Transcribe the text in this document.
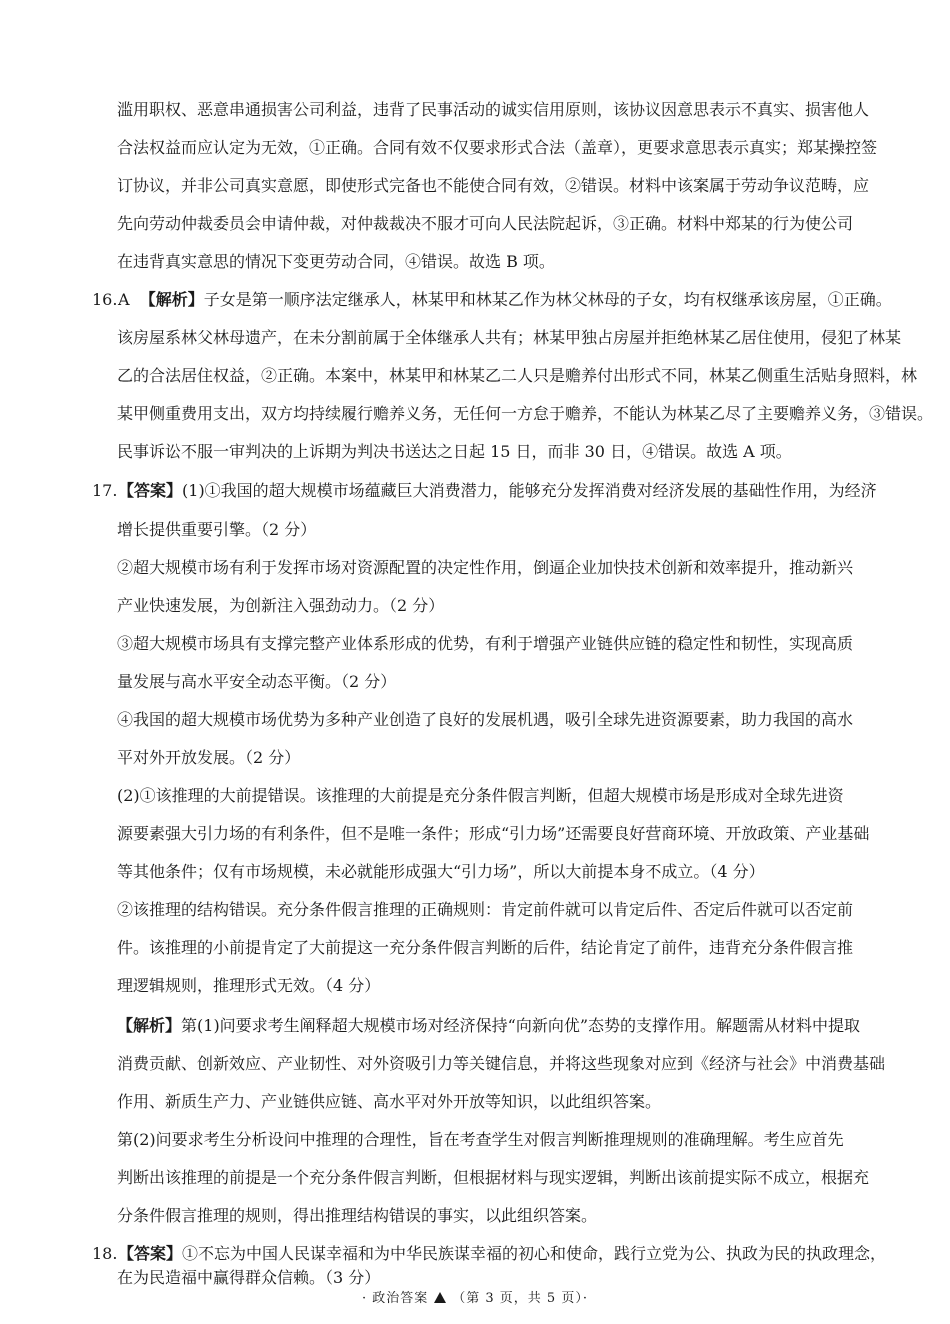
滥用职权、恶意串通损害公司利益，违背了民事活动的诚实信用原则，该协议因意思表示不真实、损害他人
合法权益而应认定为无效，①正确。合同有效不仅要求形式合法（盖章），更要求意思表示真实；郑某操控签
订协议，并非公司真实意愿，即使形式完备也不能使合同有效，②错误。材料中该案属于劳动争议范畴，应
先向劳动仲裁委员会申请仲裁，对仲裁裁决不服才可向人民法院起诉，③正确。材料中郑某的行为使公司
在违背真实意思的情况下变更劳动合同，④错误。故选 B 项。
16.A 【解析】子女是第一顺序法定继承人，林某甲和林某乙作为林父林母的子女，均有权继承该房屋，①正确。
该房屋系林父林母遗产，在未分割前属于全体继承人共有；林某甲独占房屋并拒绝林某乙居住使用，侵犯了林某
乙的合法居住权益，②正确。本案中，林某甲和林某乙二人只是赡养付出形式不同，林某乙侧重生活贴身照料，林
某甲侧重费用支出，双方均持续履行赡养义务，无任何一方怠于赡养，不能认为林某乙尽了主要赡养义务，③错误。
民事诉讼不服一审判决的上诉期为判决书送达之日起 15 日，而非 30 日，④错误。故选 A 项。
17.【答案】(1)①我国的超大规模市场蕴藏巨大消费潜力，能够充分发挥消费对经济发展的基础性作用，为经济
增长提供重要引擎。（2 分）
②超大规模市场有利于发挥市场对资源配置的决定性作用，倒逼企业加快技术创新和效率提升，推动新兴
产业快速发展，为创新注入强劲动力。（2 分）
③超大规模市场具有支撑完整产业体系形成的优势，有利于增强产业链供应链的稳定性和韧性，实现高质
量发展与高水平安全动态平衡。（2 分）
④我国的超大规模市场优势为多种产业创造了良好的发展机遇，吸引全球先进资源要素，助力我国的高水
平对外开放发展。（2 分）
(2)①该推理的大前提错误。该推理的大前提是充分条件假言判断，但超大规模市场是形成对全球先进资
源要素强大引力场的有利条件，但不是唯一条件；形成“引力场”还需要良好营商环境、开放政策、产业基础
等其他条件；仅有市场规模，未必就能形成强大“引力场”，所以大前提本身不成立。（4 分）
②该推理的结构错误。充分条件假言推理的正确规则：肯定前件就可以肯定后件、否定后件就可以否定前
件。该推理的小前提肯定了大前提这一充分条件假言判断的后件，结论肯定了前件，违背充分条件假言推
理逻辑规则，推理形式无效。（4 分）
【解析】第(1)问要求考生阐释超大规模市场对经济保持“向新向优”态势的支撑作用。解题需从材料中提取
消费贡献、创新效应、产业韧性、对外资吸引力等关键信息，并将这些现象对应到《经济与社会》中消费基础
作用、新质生产力、产业链供应链、高水平对外开放等知识，以此组织答案。
第(2)问要求考生分析设问中推理的合理性，旨在考查学生对假言判断推理规则的准确理解。考生应首先
判断出该推理的前提是一个充分条件假言判断，但根据材料与现实逻辑，判断出该前提实际不成立，根据充
分条件假言推理的规则，得出推理结构错误的事实，以此组织答案。
· 政治答案 （第 3 页，共 5 页）·
18.【答案】①不忘为中国人民谋幸福和为中华民族谋幸福的初心和使命，践行立党为公、执政为民的执政理念，
在为民造福中赢得群众信赖。（3 分）
